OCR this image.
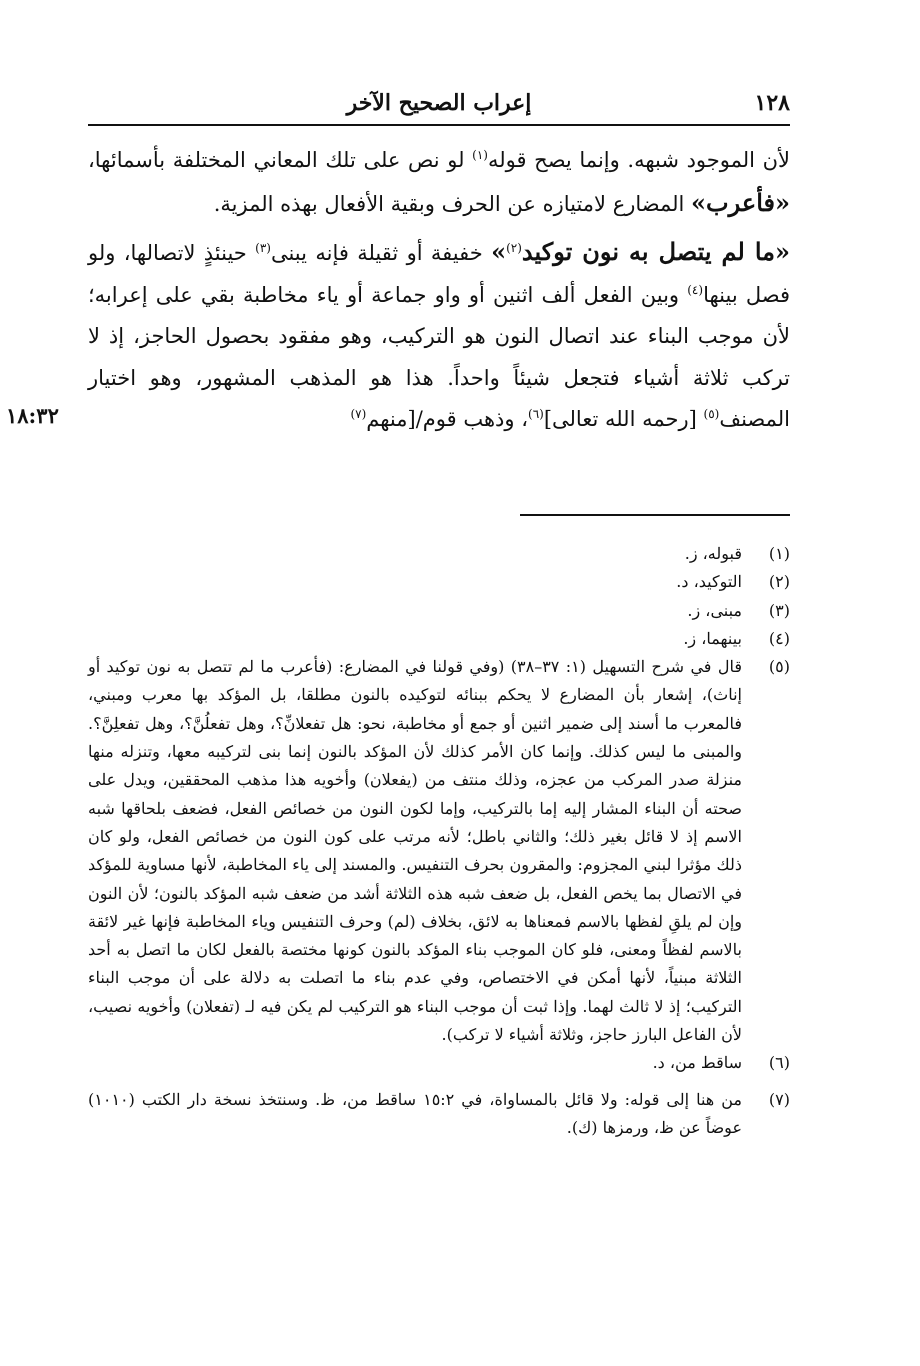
١٢٨
إعراب الصحيح الآخر

لأن الموجود شبهه. وإنما يصح قوله$^{(١)}$ لو نص على تلك المعاني المختلفة بأسمائها، «فأعرب» المضارع لامتيازه عن الحرف وبقية الأفعال بهذه المزية.

«ما لم يتصل به نون توكيد$^{(٢)}$» خفيفة أو ثقيلة فإنه يبنى$^{(٣)}$ حينئذٍ لاتصالها، ولو فصل بينها$^{(٤)}$ وبين الفعل ألف اثنين أو واو جماعة أو ياء مخاطبة بقي على إعرابه؛ لأن موجب البناء عند اتصال النون هو التركيب، وهو مفقود بحصول الحاجز، إذ لا تركب ثلاثة أشياء فتجعل شيئاً واحداً. هذا هو المذهب المشهور، وهو اختيار المصنف$^{(٥)}$ [رحمه الله تعالى]$^{(٦)}$، وذهب قوم/[منهم$^{(٧)}$

١٨:٣٢
(١)
قبوله، ز.
(٢)
التوكيد، د.
(٣)
مبنى، ز.
(٤)
بينهما، ز.
(٥)
قال في شرح التسهيل (١: ٣٧–٣٨) (وفي قولنا في المضارع: (فأعرب ما لم تتصل به نون توكيد أو إناث)، إشعار بأن المضارع لا يحكم ببنائه لتوكيده بالنون مطلقا، بل المؤكد بها معرب ومبني، فالمعرب ما أسند إلى ضمير اثنين أو جمع أو مخاطبة، نحو: هل تفعلانِّ؟، وهل تفعلُنَّ؟، وهل تفعلِنَّ؟. والمبنى ما ليس كذلك. وإنما كان الأمر كذلك لأن المؤكد بالنون إنما بنى لتركيبه معها، وتنزله منها منزلة صدر المركب من عجزه، وذلك منتف من (يفعلان) وأخويه هذا مذهب المحققين، ويدل على صحته أن البناء المشار إليه إما بالتركيب، وإما لكون النون من خصائص الفعل، فضعف بلحاقها شبه الاسم إذ لا قائل بغير ذلك؛ والثاني باطل؛ لأنه مرتب على كون النون من خصائص الفعل، ولو كان ذلك مؤثرا لبني المجزوم: والمقرون بحرف التنفيس. والمسند إلى ياء المخاطبة، لأنها مساوية للمؤكد في الاتصال بما يخص الفعل، بل ضعف شبه هذه الثلاثة أشد من ضعف شبه المؤكد بالنون؛ لأن النون وإن لم يلقِ لفظها بالاسم فمعناها به لائق، بخلاف (لم) وحرف التنفيس وياء المخاطبة فإنها غير لائقة بالاسم لفظاً ومعنى، فلو كان الموجب بناء المؤكد بالنون كونها مختصة بالفعل لكان ما اتصل به أحد الثلاثة مبنياً، لأنها أمكن في الاختصاص، وفي عدم بناء ما اتصلت به دلالة على أن موجب البناء التركيب؛ إذ لا ثالث لهما. وإذا ثبت أن موجب البناء هو التركيب لم يكن فيه لـ (تفعلان) وأخويه نصيب، لأن الفاعل البارز حاجز، وثلاثة أشياء لا تركب).
(٦)
ساقط من، د.
(٧)
من هنا إلى قوله: ولا قائل بالمساواة، في ١٥:٢ ساقط من، ظ. وسنتخذ نسخة دار الكتب (١٠١٠) عوضاً عن ظ، ورمزها (ك).
